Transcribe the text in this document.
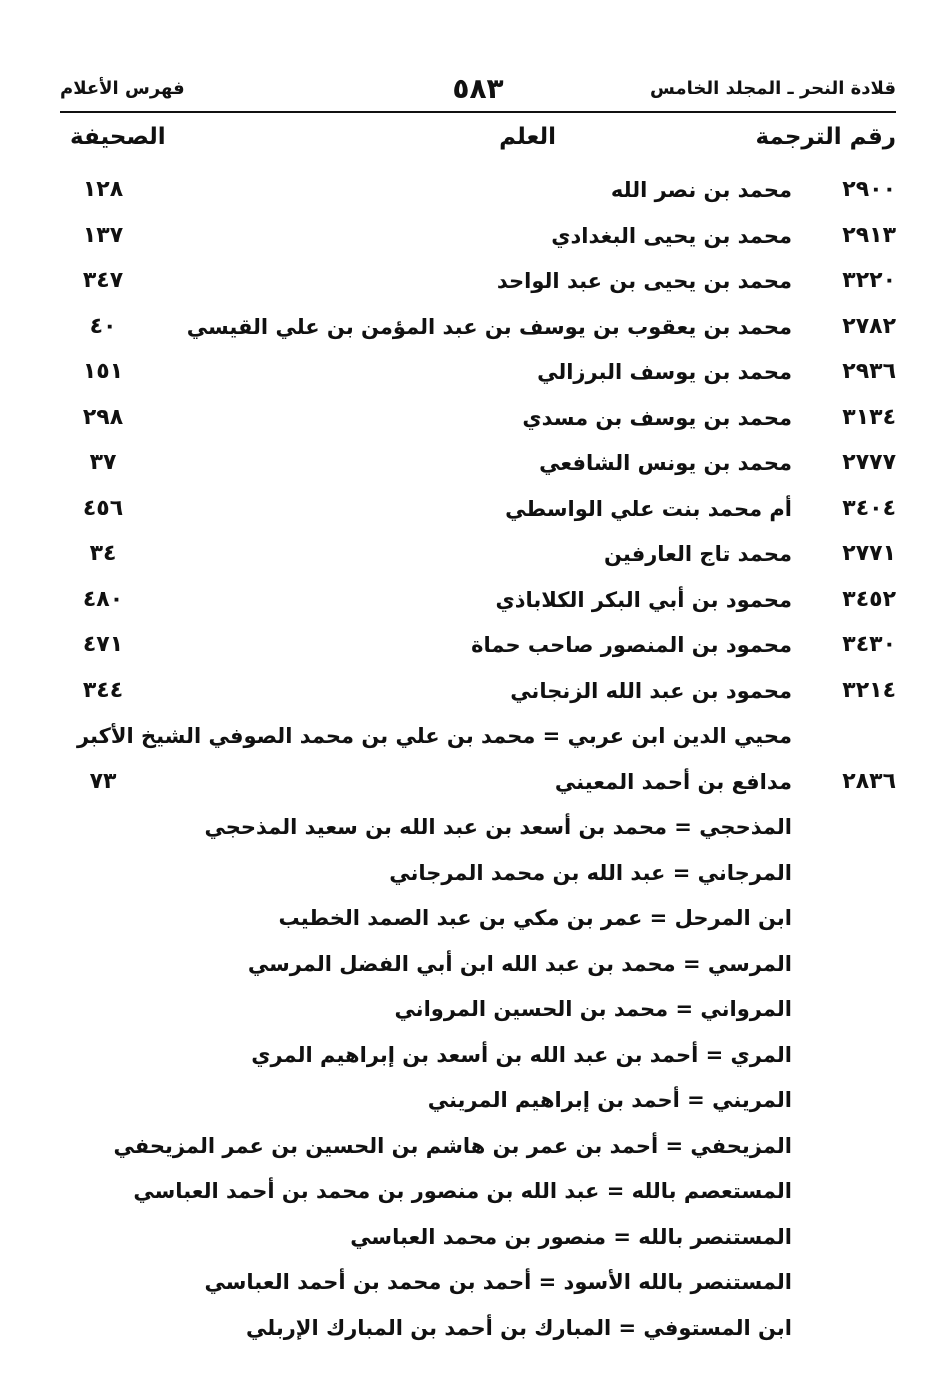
قلادة النحر ـ المجلد الخامس
٥٨٣
فهرس الأعلام
رقم الترجمة
العلم
الصحيفة
٢٩٠٠
محمد بن نصر الله
١٢٨
٢٩١٣
محمد بن يحيى البغدادي
١٣٧
٣٢٢٠
محمد بن يحيى بن عبد الواحد
٣٤٧
٢٧٨٢
محمد بن يعقوب بن يوسف بن عبد المؤمن بن علي القيسي
٤٠
٢٩٣٦
محمد بن يوسف البرزالي
١٥١
٣١٣٤
محمد بن يوسف بن مسدي
٢٩٨
٢٧٧٧
محمد بن يونس الشافعي
٣٧
٣٤٠٤
أم محمد بنت علي الواسطي
٤٥٦
٢٧٧١
محمد تاج العارفين
٣٤
٣٤٥٢
محمود بن أبي البكر الكلاباذي
٤٨٠
٣٤٣٠
محمود بن المنصور صاحب حماة
٤٧١
٣٢١٤
محمود بن عبد الله الزنجاني
٣٤٤
محيي الدين ابن عربي = محمد بن علي بن محمد الصوفي الشيخ الأكبر
٢٨٣٦
مدافع بن أحمد المعيني
٧٣
المذحجي = محمد بن أسعد بن عبد الله بن سعيد المذحجي
المرجاني = عبد الله بن محمد المرجاني
ابن المرحل = عمر بن مكي بن عبد الصمد الخطيب
المرسي = محمد بن عبد الله ابن أبي الفضل المرسي
المرواني = محمد بن الحسين المرواني
المري = أحمد بن عبد الله بن أسعد بن إبراهيم المري
المريني = أحمد بن إبراهيم المريني
المزيحفي = أحمد بن عمر بن هاشم بن الحسين بن عمر المزيحفي
المستعصم بالله = عبد الله بن منصور بن محمد بن أحمد العباسي
المستنصر بالله = منصور بن محمد العباسي
المستنصر بالله الأسود = أحمد بن محمد بن أحمد العباسي
ابن المستوفي = المبارك بن أحمد بن المبارك الإربلي
